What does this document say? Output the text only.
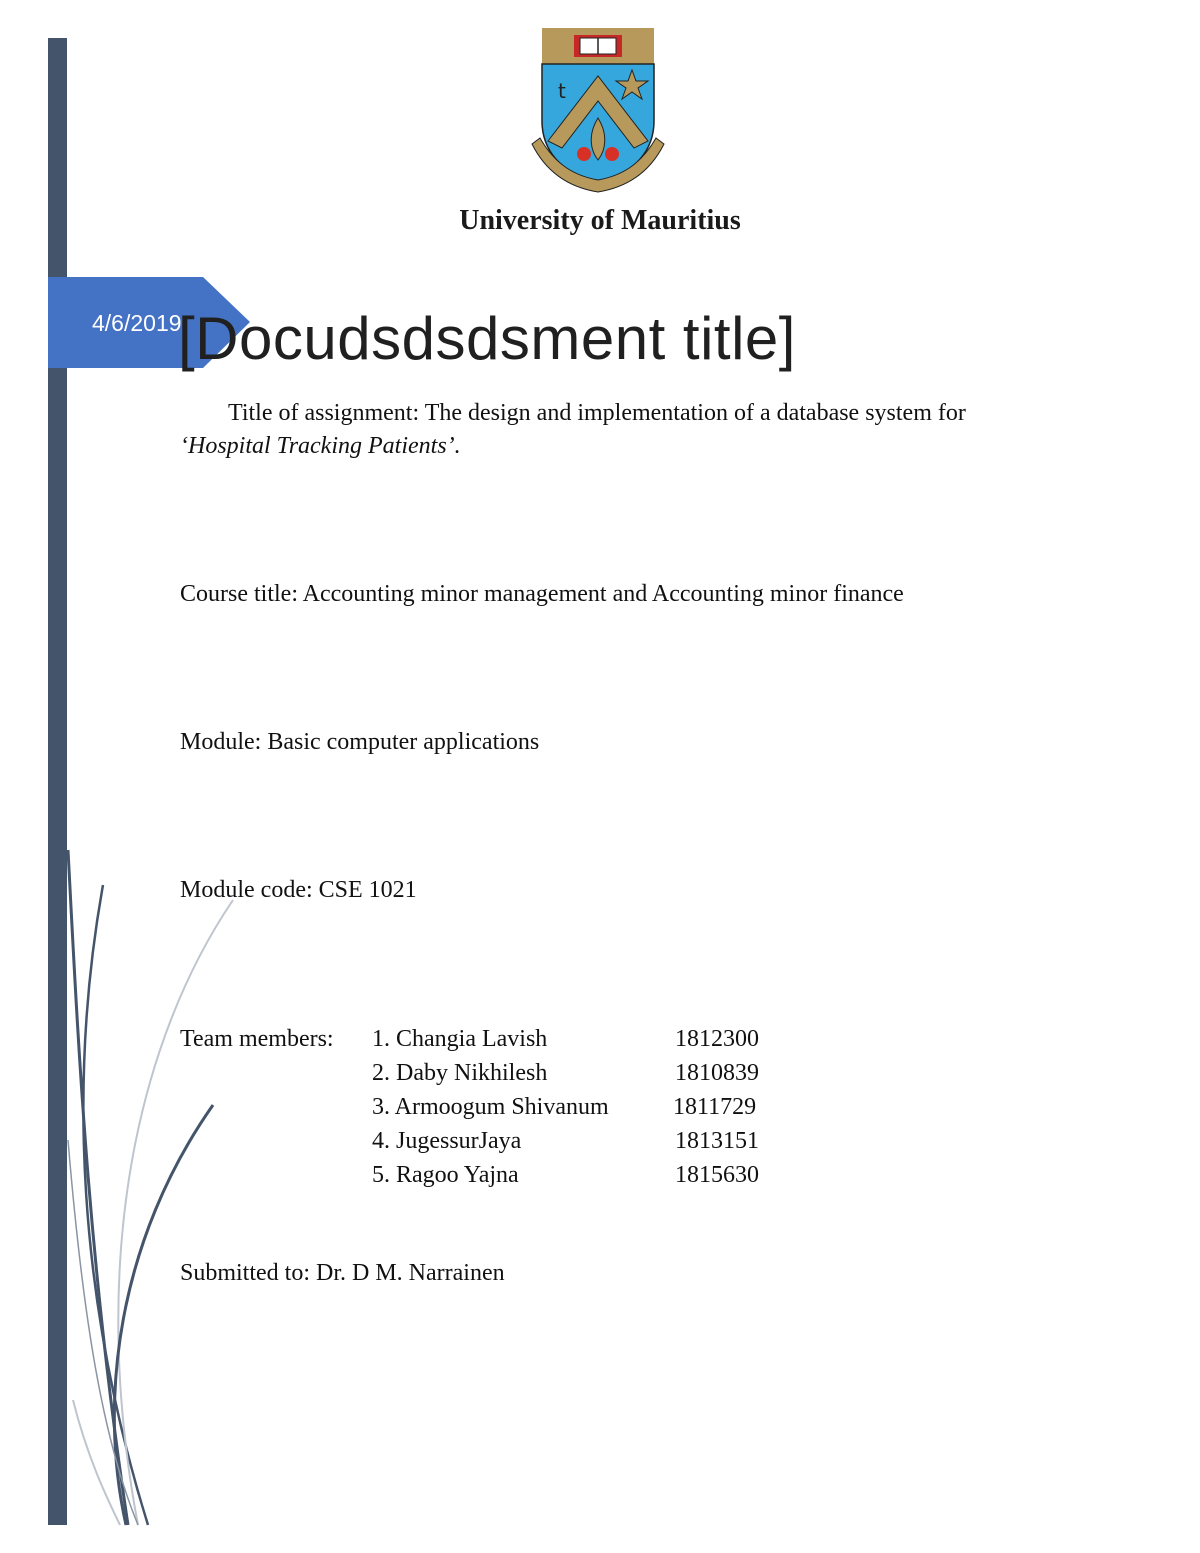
4/6/2019
t
University of Mauritius
[Docudsdsdsment title]
Title of assignment: The design and implementation of a database system for
‘Hospital Tracking Patients’.
Course title: Accounting minor management and Accounting minor finance
Module: Basic computer applications
Module code: CSE 1021
Team members: 1. Changia Lavish	1812300
2. Daby Nikhilesh	1810839
3. Armoogum Shivanum	1811729
4. JugessurJaya	1813151
5. Ragoo Yajna	1815630
Submitted to: Dr. D M. Narrainen
